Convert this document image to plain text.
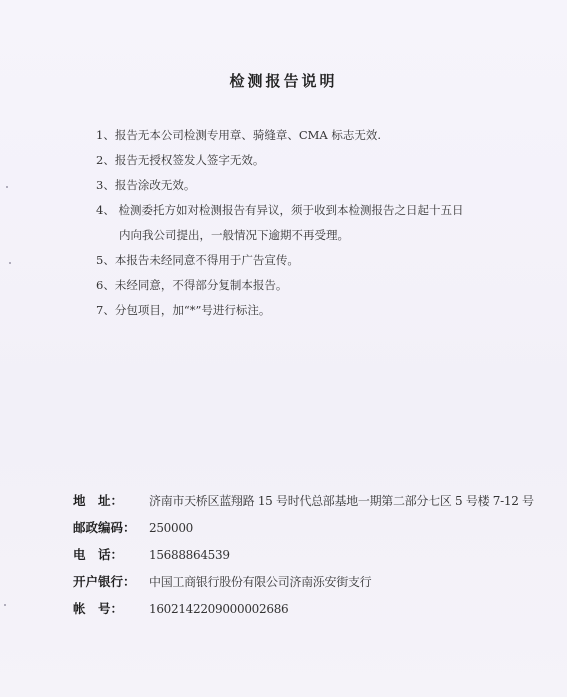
检测报告说明
1、报告无本公司检测专用章、骑缝章、CMA 标志无效.
2、报告无授权签发人签字无效。
3、报告涂改无效。
4、 检测委托方如对检测报告有异议，须于收到本检测报告之日起十五日
内向我公司提出，一般情况下逾期不再受理。
5、本报告未经同意不得用于广告宣传。
6、未经同意，不得部分复制本报告。
7、分包项目，加“*”号进行标注。
地　址： 济南市天桥区蓝翔路 15 号时代总部基地一期第二部分七区 5 号楼 7-12 号
邮政编码： 250000
电　话： 15688864539
开户银行： 中国工商银行股份有限公司济南泺安街支行
帐　号： 1602142209000002686
